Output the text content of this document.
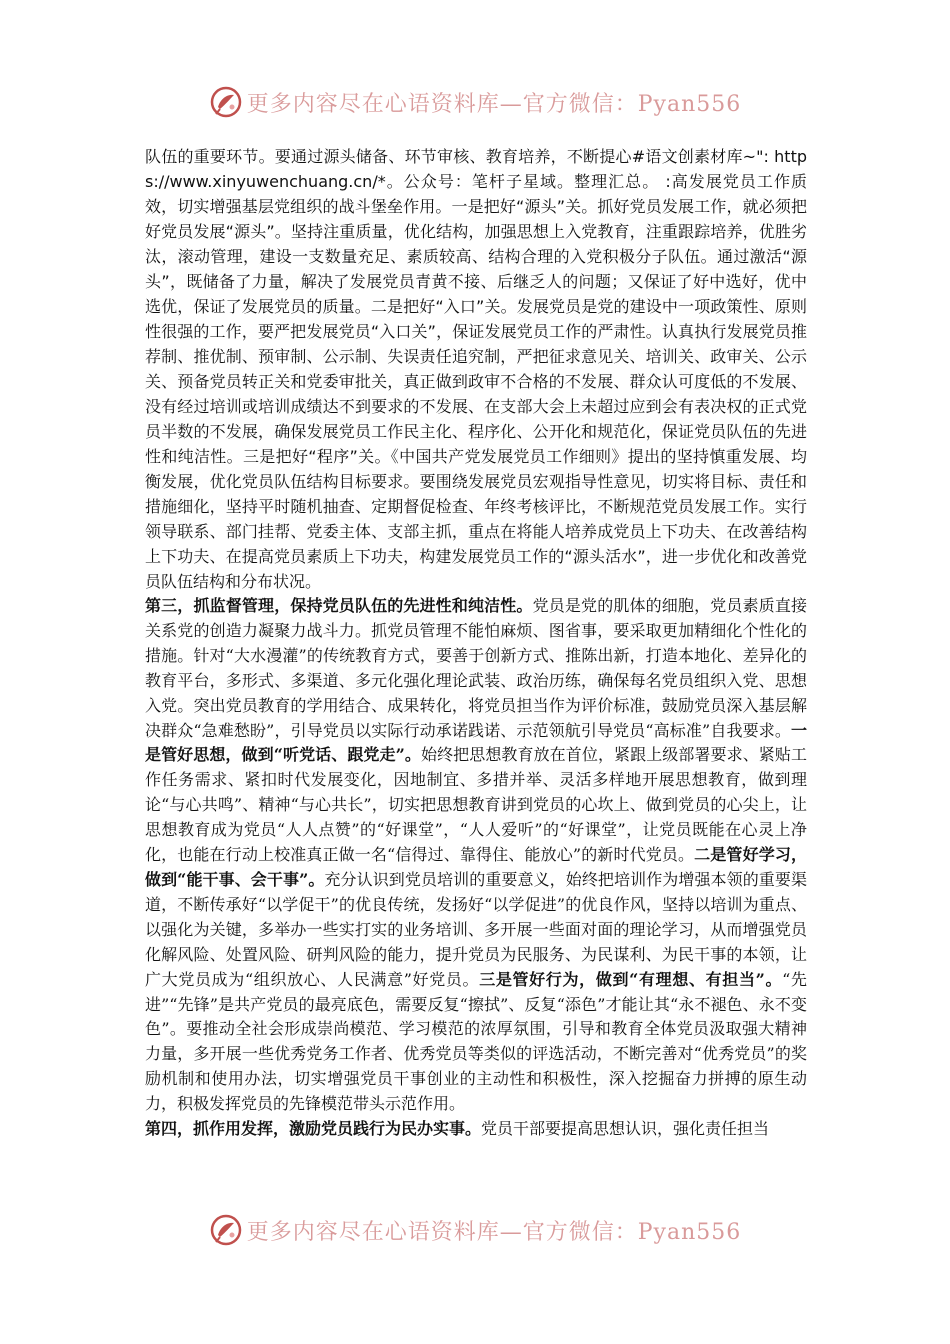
更多内容尽在心语资料库—官方微信：Pyan556

队伍的重要环节。要通过源头储备、环节审核、教育培养，不断提心#语文创素材库~": https://www.xinyuwenchuang.cn/*。公众号：笔杆子星域。整理汇总。 :高发展党员工作质效，切实增强基层党组织的战斗堡垒作用。一是把好“源头”关。抓好党员发展工作，就必须把好党员发展“源头”。坚持注重质量，优化结构，加强思想上入党教育，注重跟踪培养，优胜劣汰，滚动管理，建设一支数量充足、素质较高、结构合理的入党积极分子队伍。通过激活“源头”，既储备了力量，解决了发展党员青黄不接、后继乏人的问题；又保证了好中选好，优中选优，保证了发展党员的质量。二是把好“入口”关。发展党员是党的建设中一项政策性、原则性很强的工作，要严把发展党员“入口关”，保证发展党员工作的严肃性。认真执行发展党员推荐制、推优制、预审制、公示制、失误责任追究制，严把征求意见关、培训关、政审关、公示关、预备党员转正关和党委审批关，真正做到政审不合格的不发展、群众认可度低的不发展、没有经过培训或培训成绩达不到要求的不发展、在支部大会上未超过应到会有表决权的正式党员半数的不发展，确保发展党员工作民主化、程序化、公开化和规范化，保证党员队伍的先进性和纯洁性。三是把好“程序”关。《中国共产党发展党员工作细则》提出的坚持慎重发展、均衡发展，优化党员队伍结构目标要求。要围绕发展党员宏观指导性意见，切实将目标、责任和措施细化，坚持平时随机抽查、定期督促检查、年终考核评比，不断规范党员发展工作。实行领导联系、部门挂帮、党委主体、支部主抓，重点在将能人培养成党员上下功夫、在改善结构上下功夫、在提高党员素质上下功夫，构建发展党员工作的“源头活水”，进一步优化和改善党员队伍结构和分布状况。

第三，抓监督管理，保持党员队伍的先进性和纯洁性。党员是党的肌体的细胞，党员素质直接关系党的创造力凝聚力战斗力。抓党员管理不能怕麻烦、图省事，要采取更加精细化个性化的措施。针对“大水漫灌”的传统教育方式，要善于创新方式、推陈出新，打造本地化、差异化的教育平台，多形式、多渠道、多元化强化理论武装、政治历练，确保每名党员组织入党、思想入党。突出党员教育的学用结合、成果转化，将党员担当作为评价标准，鼓励党员深入基层解决群众“急难愁盼”，引导党员以实际行动承诺践诺、示范领航引导党员“高标准”自我要求。一是管好思想，做到“听党话、跟党走”。始终把思想教育放在首位，紧跟上级部署要求、紧贴工作任务需求、紧扣时代发展变化，因地制宜、多措并举、灵活多样地开展思想教育，做到理论“与心共鸣”、精神“与心共长”，切实把思想教育讲到党员的心坎上、做到党员的心尖上，让思想教育成为党员“人人点赞”的“好课堂”，“人人爱听”的“好课堂”，让党员既能在心灵上净化，也能在行动上校准真正做一名“信得过、靠得住、能放心”的新时代党员。二是管好学习，做到“能干事、会干事”。充分认识到党员培训的重要意义，始终把培训作为增强本领的重要渠道，不断传承好“以学促干”的优良传统，发扬好“以学促进”的优良作风，坚持以培训为重点、以强化为关键，多举办一些实打实的业务培训、多开展一些面对面的理论学习，从而增强党员化解风险、处置风险、研判风险的能力，提升党员为民服务、为民谋利、为民干事的本领，让广大党员成为“组织放心、人民满意”好党员。三是管好行为，做到“有理想、有担当”。“先进”“先锋”是共产党员的最亮底色，需要反复“擦拭”、反复“添色”才能让其“永不褪色、永不变色”。要推动全社会形成崇尚模范、学习模范的浓厚氛围，引导和教育全体党员汲取强大精神力量，多开展一些优秀党务工作者、优秀党员等类似的评选活动，不断完善对“优秀党员”的奖励机制和使用办法，切实增强党员干事创业的主动性和积极性，深入挖掘奋力拼搏的原生动力，积极发挥党员的先锋模范带头示范作用。

第四，抓作用发挥，激励党员践行为民办实事。党员干部要提高思想认识，强化责任担当

更多内容尽在心语资料库—官方微信：Pyan556
